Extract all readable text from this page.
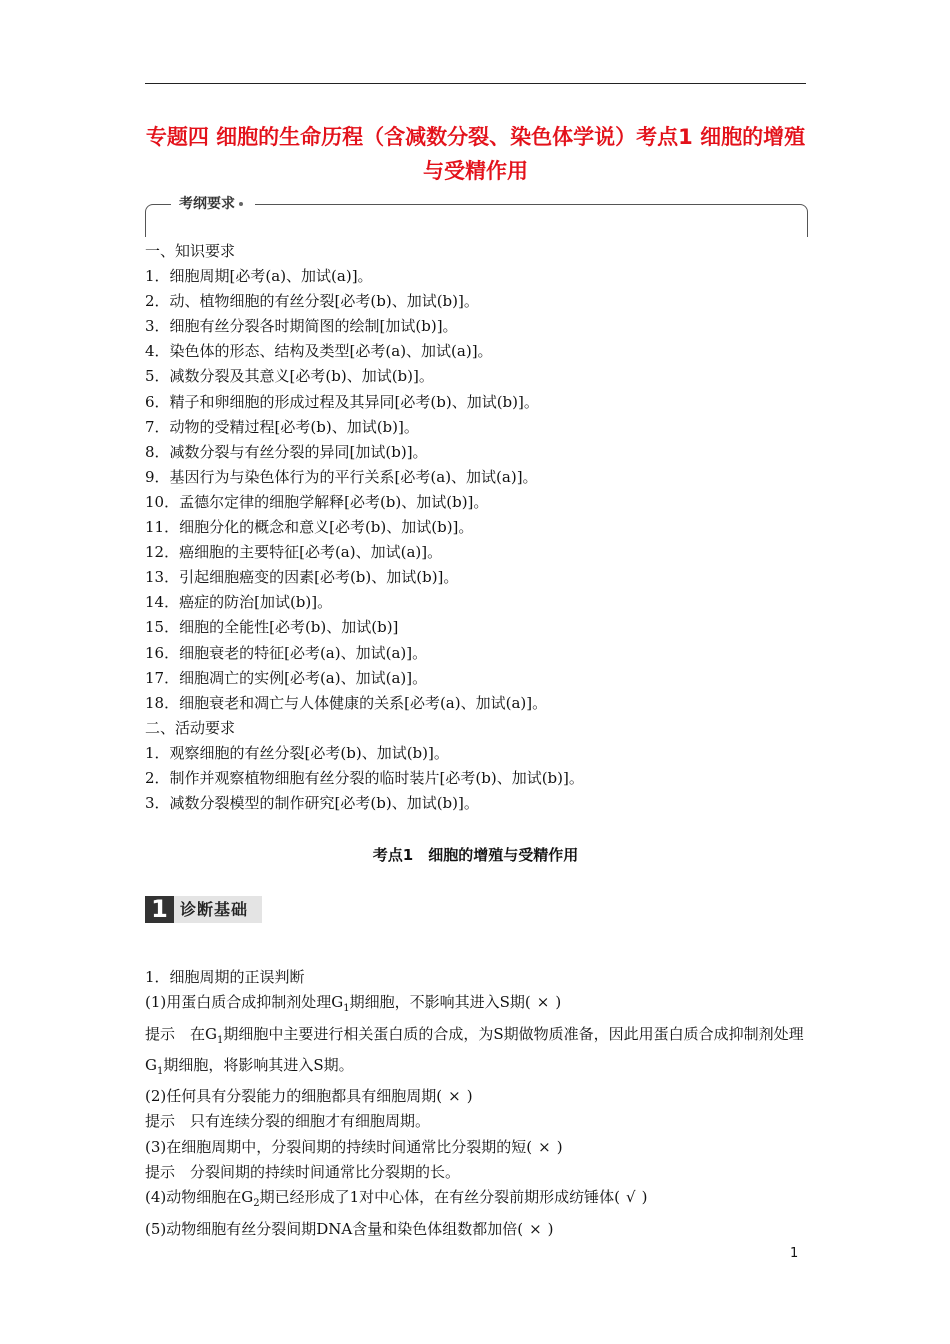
专题四 细胞的生命历程（含减数分裂、染色体学说）考点1 细胞的增殖与受精作用
考纲要求
一、知识要求
1．细胞周期[必考(a)、加试(a)]。
2．动、植物细胞的有丝分裂[必考(b)、加试(b)]。
3．细胞有丝分裂各时期简图的绘制[加试(b)]。
4．染色体的形态、结构及类型[必考(a)、加试(a)]。
5．减数分裂及其意义[必考(b)、加试(b)]。
6．精子和卵细胞的形成过程及其异同[必考(b)、加试(b)]。
7．动物的受精过程[必考(b)、加试(b)]。
8．减数分裂与有丝分裂的异同[加试(b)]。
9．基因行为与染色体行为的平行关系[必考(a)、加试(a)]。
10．孟德尔定律的细胞学解释[必考(b)、加试(b)]。
11．细胞分化的概念和意义[必考(b)、加试(b)]。
12．癌细胞的主要特征[必考(a)、加试(a)]。
13．引起细胞癌变的因素[必考(b)、加试(b)]。
14．癌症的防治[加试(b)]。
15．细胞的全能性[必考(b)、加试(b)]
16．细胞衰老的特征[必考(a)、加试(a)]。
17．细胞凋亡的实例[必考(a)、加试(a)]。
18．细胞衰老和凋亡与人体健康的关系[必考(a)、加试(a)]。
二、活动要求
1．观察细胞的有丝分裂[必考(b)、加试(b)]。
2．制作并观察植物细胞有丝分裂的临时装片[必考(b)、加试(b)]。
3．减数分裂模型的制作研究[必考(b)、加试(b)]。
考点1　细胞的增殖与受精作用
1 诊断基础
1．细胞周期的正误判断
(1)用蛋白质合成抑制剂处理$G_1$期细胞，不影响其进入S期( × )
提示　在$G_1$期细胞中主要进行相关蛋白质的合成，为S期做物质准备，因此用蛋白质合成抑制剂处理$G_1$期细胞，将影响其进入S期。
(2)任何具有分裂能力的细胞都具有细胞周期( × )
提示　只有连续分裂的细胞才有细胞周期。
(3)在细胞周期中，分裂间期的持续时间通常比分裂期的短( × )
提示　分裂间期的持续时间通常比分裂期的长。
(4)动物细胞在$G_2$期已经形成了1对中心体，在有丝分裂前期形成纺锤体( √ )
(5)动物细胞有丝分裂间期DNA含量和染色体组数都加倍( × )
1
